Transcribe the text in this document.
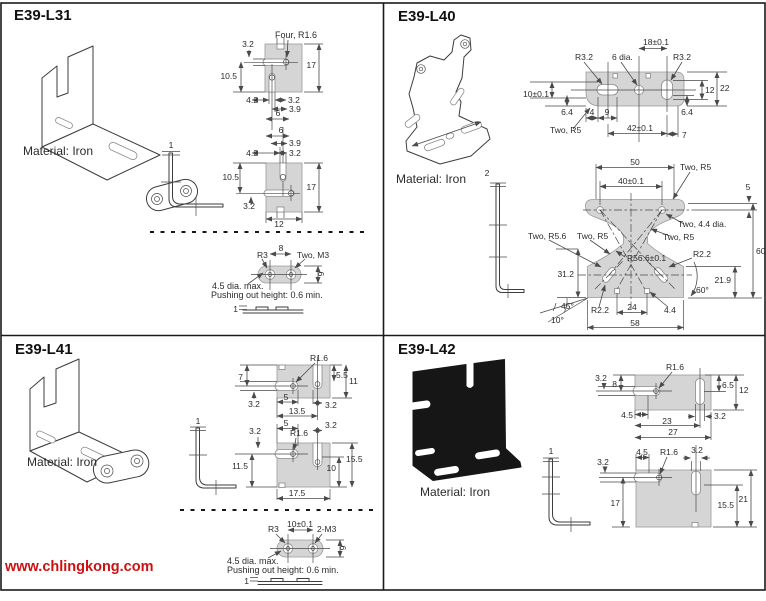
E39-L31
Material: Iron	1
Four, R1.6
3.2
10.5
17
4.2	3.2
3.9
6
6
3.9
4.2	3.2
10.5
17
3.2
12
R3
8
Two, M3
6
4.5 dia. max.
Pushing out height: 0.6 min.
1
E39-L40
Material: Iron
R3.2 6 dia.
18±0.1
R3.2
10±0.1
6.4 4 9
Two, R5	42±0.1
6.4
7
12 22
2
50	Two, R5
40±0.1
5
Two, 4.4 dia.
Two, R5.6 Two, R5	Two, R5
R56.6±0.1	R2.2
31.2
21.9
60
60°
45° R2.2 24	4.4
10°	58
E39-L41
Material: Iron
1
R1.6
7	5.5
11
3.2
5
3.2
13.5
5
3.2	R1.6
3.2
11.5	10
15.5
17.5
R3 10±0.1 2-M3
6
4.5 dia. max.
Pushing out height: 0.6 min.
1
E39-L42
Material: Iron
1
3.2
8
R1.6
6.5 12
4.5	3.2
23
27
3.2
4.5 R1.6 3.2
17	15.5
21
www.chlingkong.com
